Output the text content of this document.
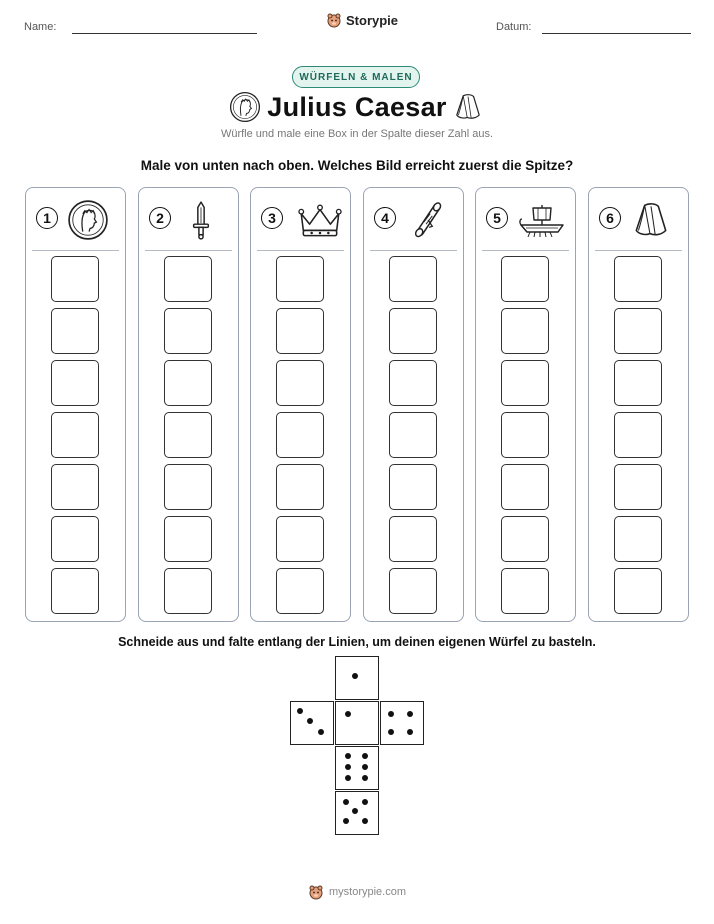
Name:	Storypie	Datum:
WÜRFELN & MALEN
Julius Caesar
Würfle und male eine Box in der Spalte dieser Zahl aus.
Male von unten nach oben. Welches Bild erreicht zuerst die Spitze?
1	2	3	4	5	6
Schneide aus und falte entlang der Linien, um deinen eigenen Würfel zu basteln.
mystorypie.com
